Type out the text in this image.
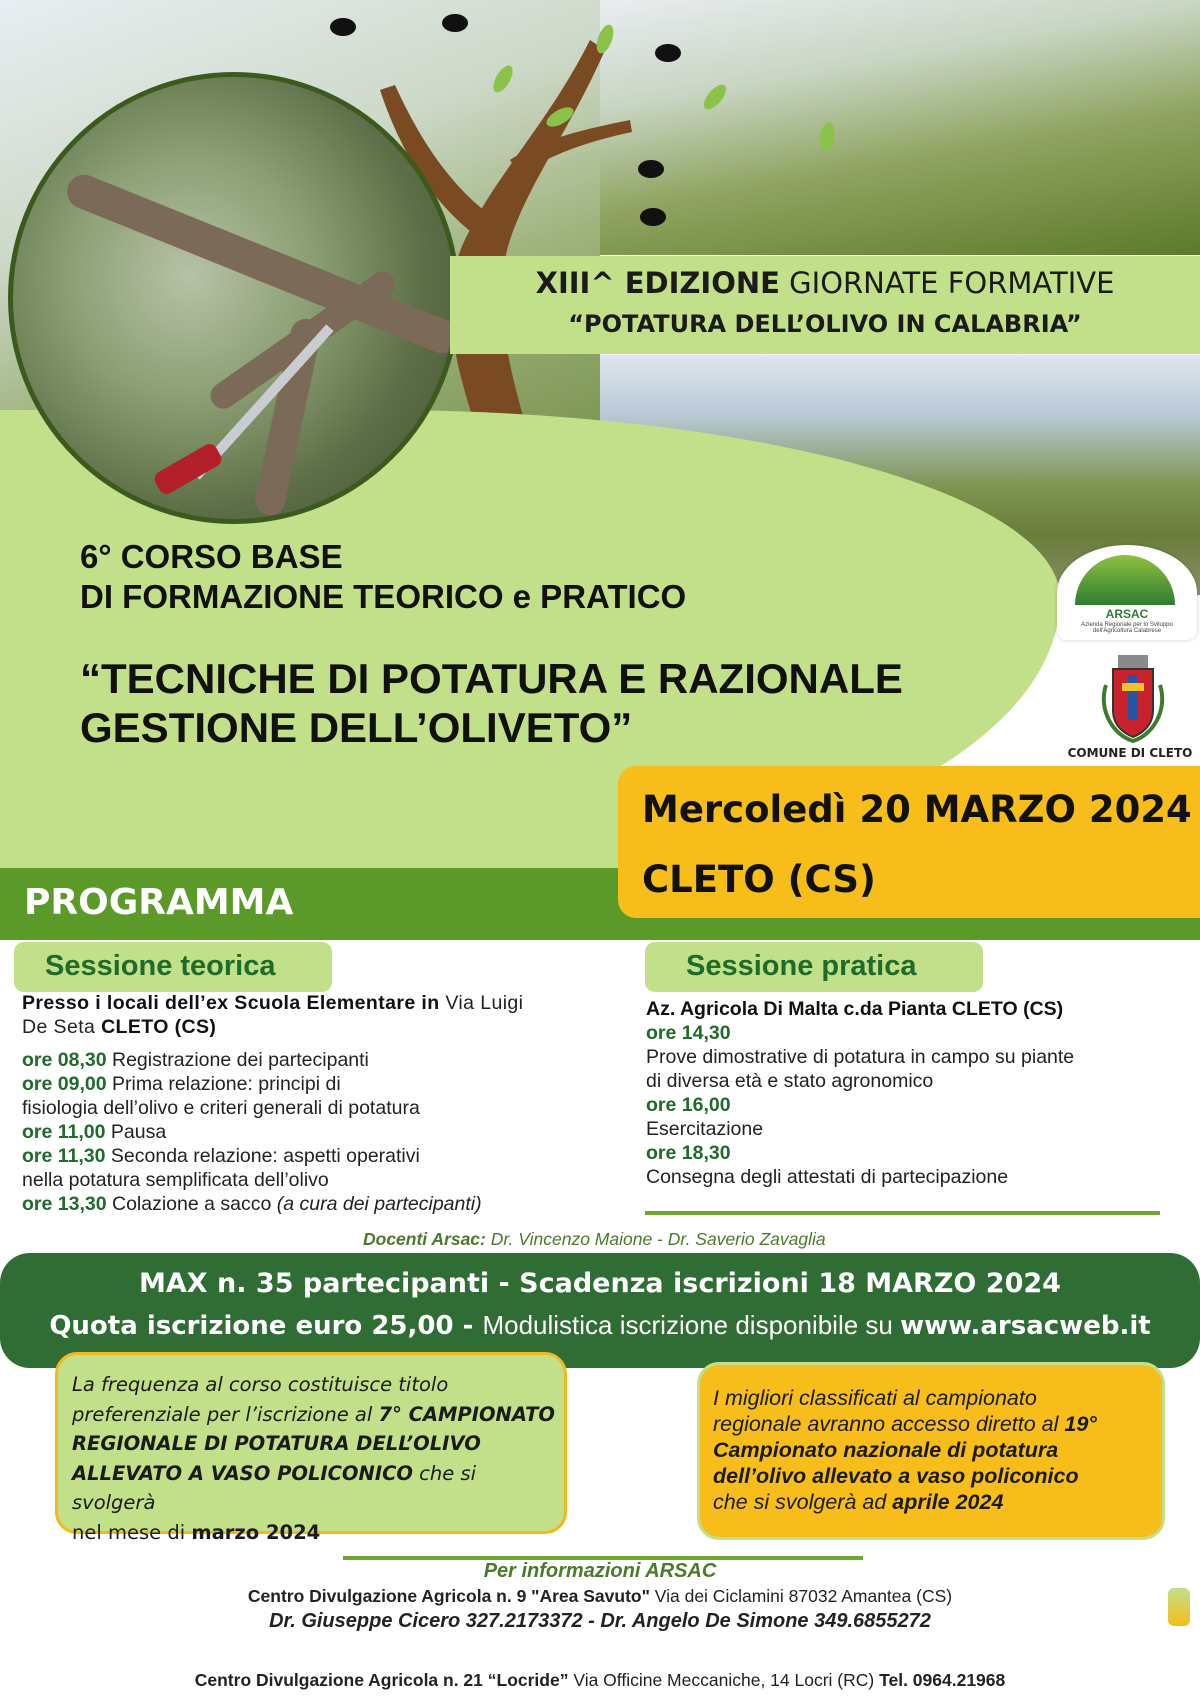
XIII^ EDIZIONE GIORNATE FORMATIVE
“POTATURA DELL’OLIVO IN CALABRIA”
6° CORSO BASE
DI FORMAZIONE TEORICO e PRATICO
“TECNICHE DI POTATURA E RAZIONALE
GESTIONE DELL’OLIVETO”
ARSAC
Azienda Regionale per lo Sviluppo dell'Agricoltura Calabrese
COMUNE DI CLETO
PROGRAMMA
Mercoledì 20 MARZO 2024
CLETO (CS)
Sessione teorica
Presso i locali dell’ex Scuola Elementare in Via Luigi
De Seta CLETO (CS)
ore 08,30 Registrazione dei partecipanti
ore 09,00 Prima relazione: principi di
fisiologia dell’olivo e criteri generali di potatura
ore 11,00 Pausa
ore 11,30 Seconda relazione: aspetti operativi
nella potatura semplificata dell’olivo
ore 13,30 Colazione a sacco (a cura dei partecipanti)
Sessione pratica
Az. Agricola Di Malta c.da Pianta CLETO (CS)
ore 14,30
Prove dimostrative di potatura in campo su piante
di diversa età e stato agronomico
ore 16,00
Esercitazione
ore 18,30
Consegna degli attestati di partecipazione
Docenti Arsac: Dr. Vincenzo Maione - Dr. Saverio Zavaglia
MAX n. 35 partecipanti - Scadenza iscrizioni 18 MARZO 2024
Quota iscrizione euro 25,00 - Modulistica iscrizione disponibile su www.arsacweb.it
La frequenza al corso costituisce titolo
preferenziale per l’iscrizione al 7° CAMPIONATO
REGIONALE DI POTATURA DELL’OLIVO
ALLEVATO A VASO POLICONICO che si svolgerà
nel mese di marzo 2024
I migliori classificati al campionato
regionale avranno accesso diretto al 19°
Campionato nazionale di potatura
dell’olivo allevato a vaso policonico
che si svolgerà ad aprile 2024
Per informazioni ARSAC
Centro Divulgazione Agricola n. 9 "Area Savuto" Via dei Ciclamini 87032 Amantea (CS)
Dr. Giuseppe Cicero 327.2173372 - Dr. Angelo De Simone 349.6855272
Centro Divulgazione Agricola n. 21 “Locride” Via Officine Meccaniche, 14 Locri (RC) Tel. 0964.21968
